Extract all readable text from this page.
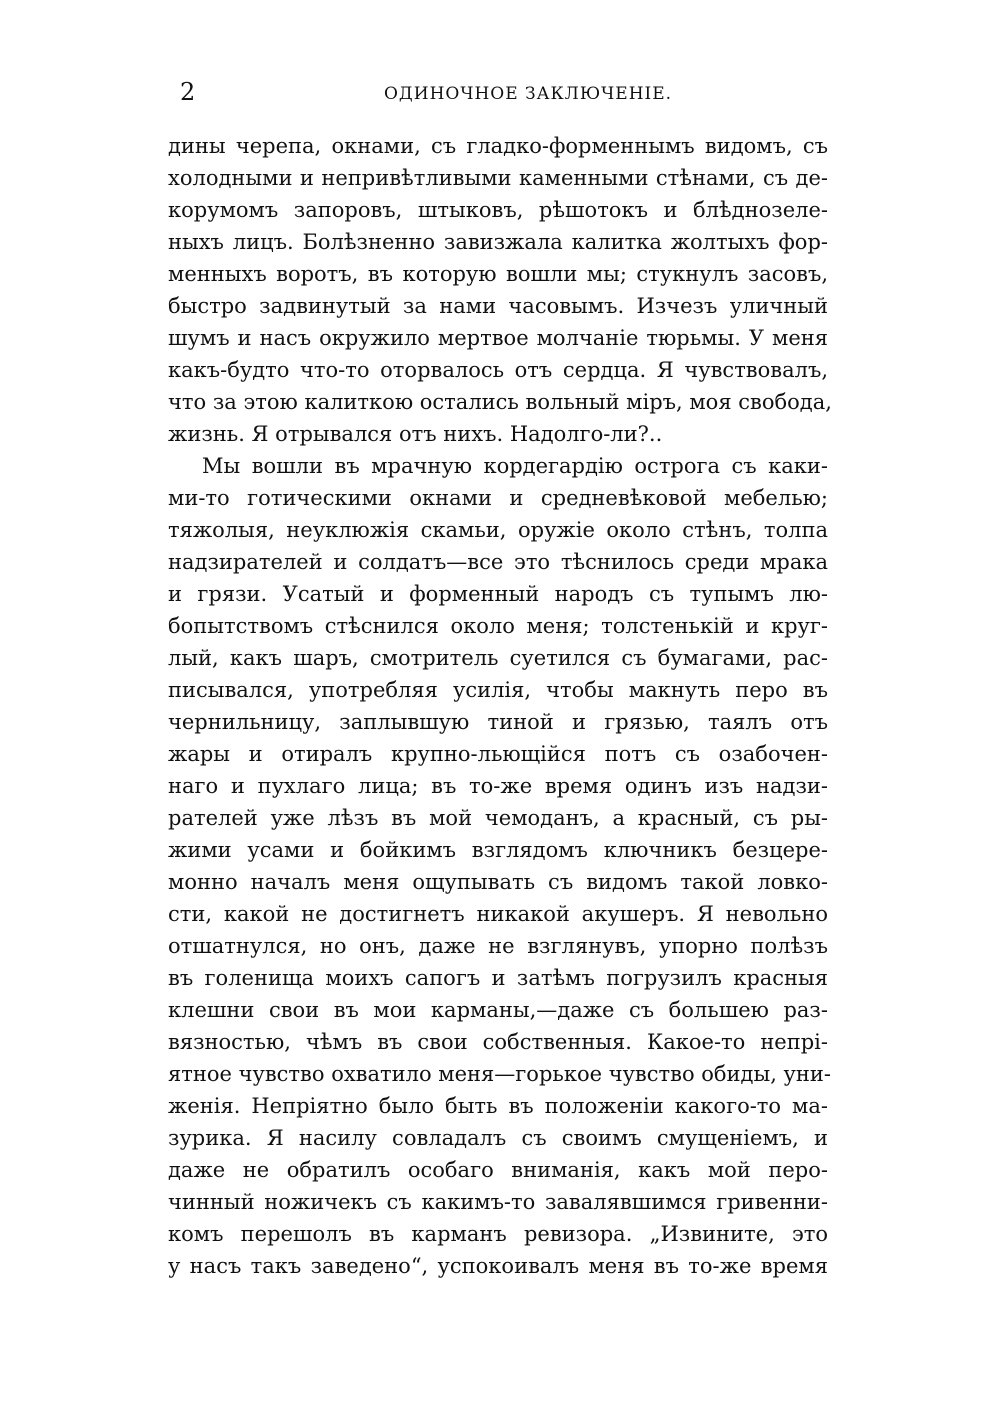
2	ОДИНОЧНОЕ ЗАКЛЮЧЕНІЕ.
дины черепа, окнами, съ гладко-форменнымъ видомъ, съ
холодными и непривѣтливыми каменными стѣнами, съ де-
корумомъ запоровъ, штыковъ, рѣшотокъ и блѣднозеле-
ныхъ лицъ. Болѣзненно завизжала калитка жолтыхъ фор-
менныхъ воротъ, въ которую вошли мы; стукнулъ засовъ,
быстро задвинутый за нами часовымъ. Изчезъ уличный
шумъ и насъ окружило мертвое молчаніе тюрьмы. У меня
какъ-будто что-то оторвалось отъ сердца. Я чувствовалъ,
что за этою калиткою остались вольный міръ, моя свобода,
жизнь. Я отрывался отъ нихъ. Надолго-ли?..
Мы вошли въ мрачную кордегардію острога съ каки-
ми-то готическими окнами и средневѣковой мебелью;
тяжолыя, неуклюжія скамьи, оружіе около стѣнъ, толпа
надзирателей и солдатъ—все это тѣснилось среди мрака
и грязи. Усатый и форменный народъ съ тупымъ лю-
бопытствомъ стѣснился около меня; толстенькій и круг-
лый, какъ шаръ, смотритель суетился съ бумагами, рас-
писывался, употребляя усилія, чтобы макнуть перо въ
чернильницу, заплывшую тиной и грязью, таялъ отъ
жары и отиралъ крупно-льющійся потъ съ озабочен-
наго и пухлаго лица; въ то-же время одинъ изъ надзи-
рателей уже лѣзъ въ мой чемоданъ, а красный, съ ры-
жими усами и бойкимъ взглядомъ ключникъ безцере-
монно началъ меня ощупывать съ видомъ такой ловко-
сти, какой не достигнетъ никакой акушеръ. Я невольно
отшатнулся, но онъ, даже не взглянувъ, упорно полѣзъ
въ голенища моихъ сапогъ и затѣмъ погрузилъ красныя
клешни свои въ мои карманы,—даже съ большею раз-
вязностью, чѣмъ въ свои собственныя. Какое-то непрі-
ятное чувство охватило меня—горькое чувство обиды, уни-
женія. Непріятно было быть въ положеніи какого-то ма-
зурика. Я насилу совладалъ съ своимъ смущеніемъ, и
даже не обратилъ особаго вниманія, какъ мой перо-
чинный ножичекъ съ какимъ-то завалявшимся гривенни-
комъ перешолъ въ карманъ ревизора. „Извините, это
у насъ такъ заведено“, успокоивалъ меня въ то-же время
